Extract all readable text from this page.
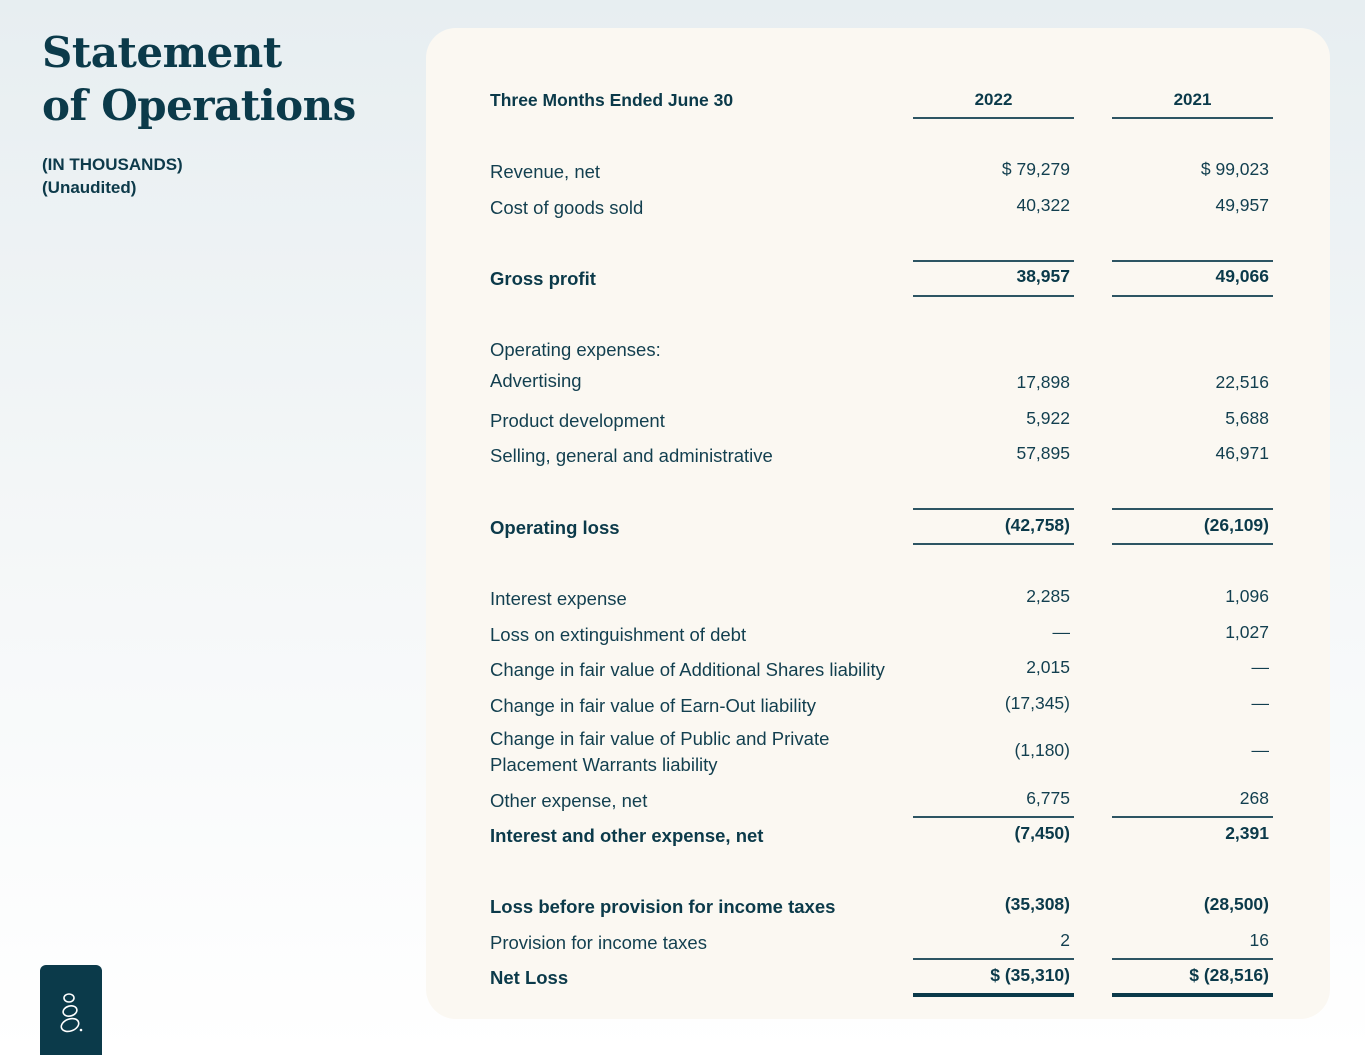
Statement
of Operations
(IN THOUSANDS)
(Unaudited)
Three Months Ended June 30	2022	2021
Revenue, net	$ 79,279	$ 99,023
Cost of goods sold	40,322	49,957
Gross profit	38,957	49,066
Operating expenses:
Advertising	17,898	22,516
Product development	5,922	5,688
Selling, general and administrative	57,895	46,971
Operating loss	(42,758)	(26,109)
Interest expense	2,285	1,096
Loss on extinguishment of debt	—	1,027
Change in fair value of Additional Shares liability	2,015	—
Change in fair value of Earn-Out liability	(17,345)	—
Change in fair value of Public and Private
Placement Warrants liability
(1,180)	—
Other expense, net	6,775	268
Interest and other expense, net	(7,450)	2,391
Loss before provision for income taxes	(35,308)	(28,500)
Provision for income taxes	2	16
Net Loss	$ (35,310)	$ (28,516)
